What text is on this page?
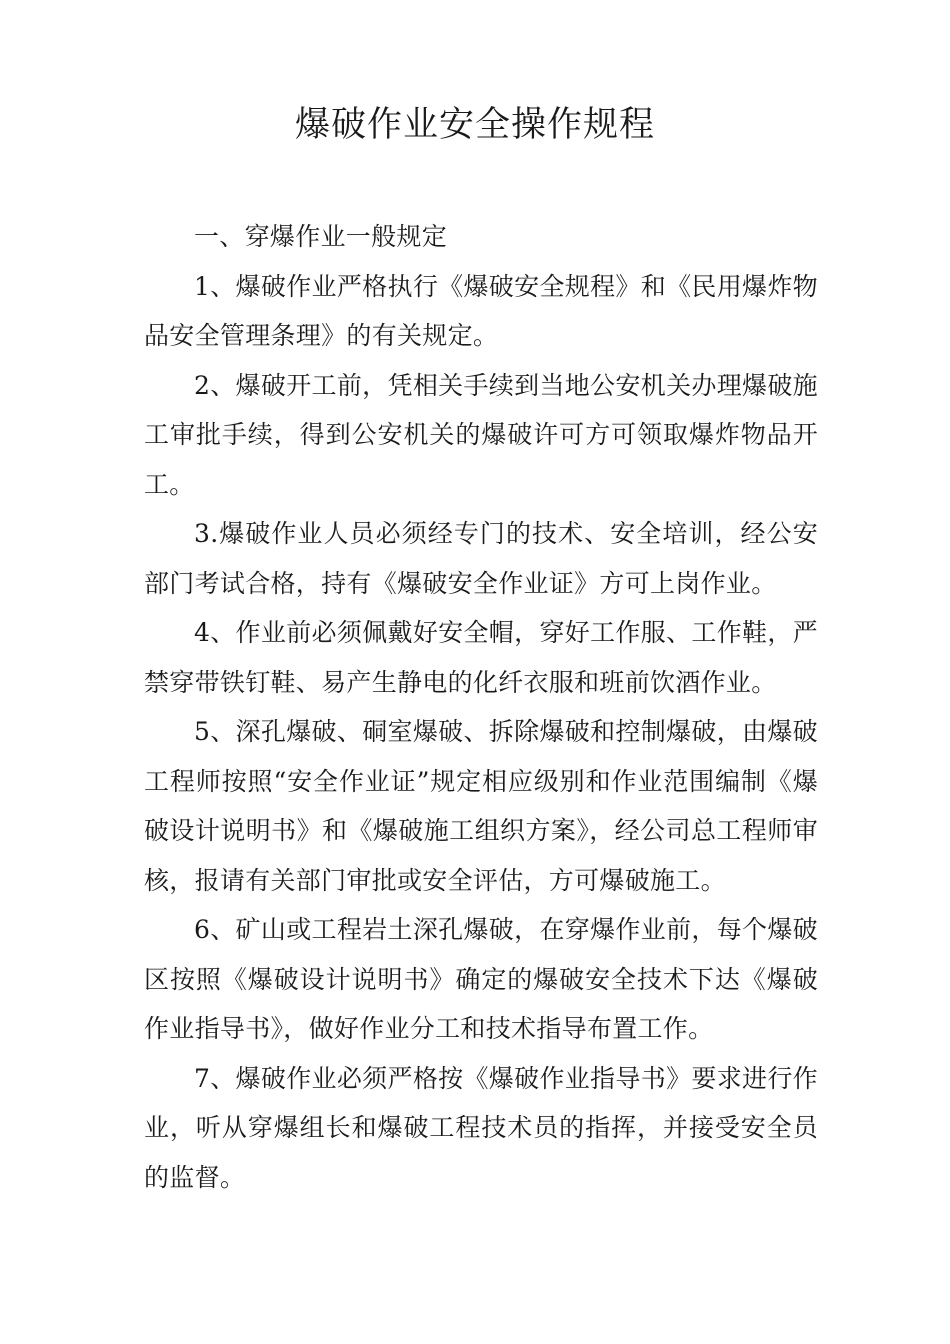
爆破作业安全操作规程

一、穿爆作业一般规定

1、爆破作业严格执行《爆破安全规程》和《民用爆炸物品安全管理条理》的有关规定。

2、爆破开工前，凭相关手续到当地公安机关办理爆破施工审批手续，得到公安机关的爆破许可方可领取爆炸物品开工。

3.爆破作业人员必须经专门的技术、安全培训，经公安部门考试合格，持有《爆破安全作业证》方可上岗作业。

4、作业前必须佩戴好安全帽，穿好工作服、工作鞋，严禁穿带铁钉鞋、易产生静电的化纤衣服和班前饮酒作业。

5、深孔爆破、硐室爆破、拆除爆破和控制爆破，由爆破工程师按照“安全作业证”规定相应级别和作业范围编制《爆破设计说明书》和《爆破施工组织方案》，经公司总工程师审核，报请有关部门审批或安全评估，方可爆破施工。

6、矿山或工程岩土深孔爆破，在穿爆作业前，每个爆破区按照《爆破设计说明书》确定的爆破安全技术下达《爆破作业指导书》，做好作业分工和技术指导布置工作。

7、爆破作业必须严格按《爆破作业指导书》要求进行作业，听从穿爆组长和爆破工程技术员的指挥，并接受安全员的监督。
